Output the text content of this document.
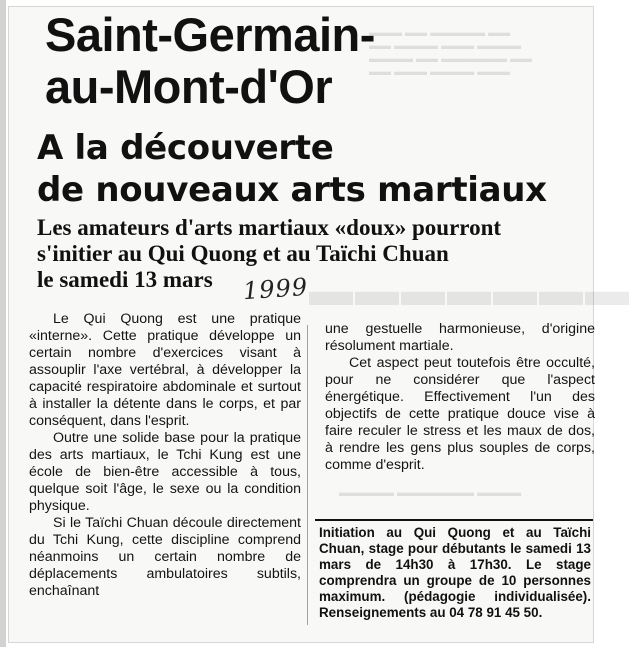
▬▬▬ ▬▬ ▬▬▬▬▬ ▬▬
▬▬ ▬▬▬▬ ▬▬▬ ▬▬▬▬
▬▬▬▬ ▬▬ ▬▬▬▬▬▬ ▬▬
▬▬ ▬▬▬ ▬▬▬▬ ▬▬▬
▬▬▬▬▬▬▬
▬▬▬▬▬ ▬▬▬▬▬▬▬ ▬▬▬▬
Saint-Germain-
au-Mont-d'Or
A la découverte
de nouveaux arts martiaux
Les amateurs d'arts martiaux «doux» pourront
s'initier au Qui Quong et au Taïchi Chuan
le samedi 13 mars	1999

Le Qui Quong est une pratique «interne». Cette pratique développe un certain nombre d'exercices visant à assouplir l'axe vertébral, à développer la capacité respiratoire abdominale et surtout à installer la détente dans le corps, et par conséquent, dans l'esprit.

Outre une solide base pour la pratique des arts martiaux, le Tchi Kung est une école de bien-être accessible à tous, quelque soit l'âge, le sexe ou la condition physique.

Si le Taïchi Chuan découle directement du Tchi Kung, cette discipline comprend néanmoins un certain nombre de déplacements ambulatoires subtils, enchaînant

une gestuelle harmonieuse, d'origine résolument martiale.

Cet aspect peut toutefois être occulté, pour ne considérer que l'aspect énergétique. Effectivement l'un des objectifs de cette pratique douce vise à faire reculer le stress et les maux de dos, à rendre les gens plus souples de corps, comme d'esprit.

Initiation au Qui Quong et au Taïchi Chuan, stage pour débutants le samedi 13 mars de 14h30 à 17h30. Le stage comprendra un groupe de 10 personnes maximum. (pédagogie individualisée). Renseignements au 04 78 91 45 50.
